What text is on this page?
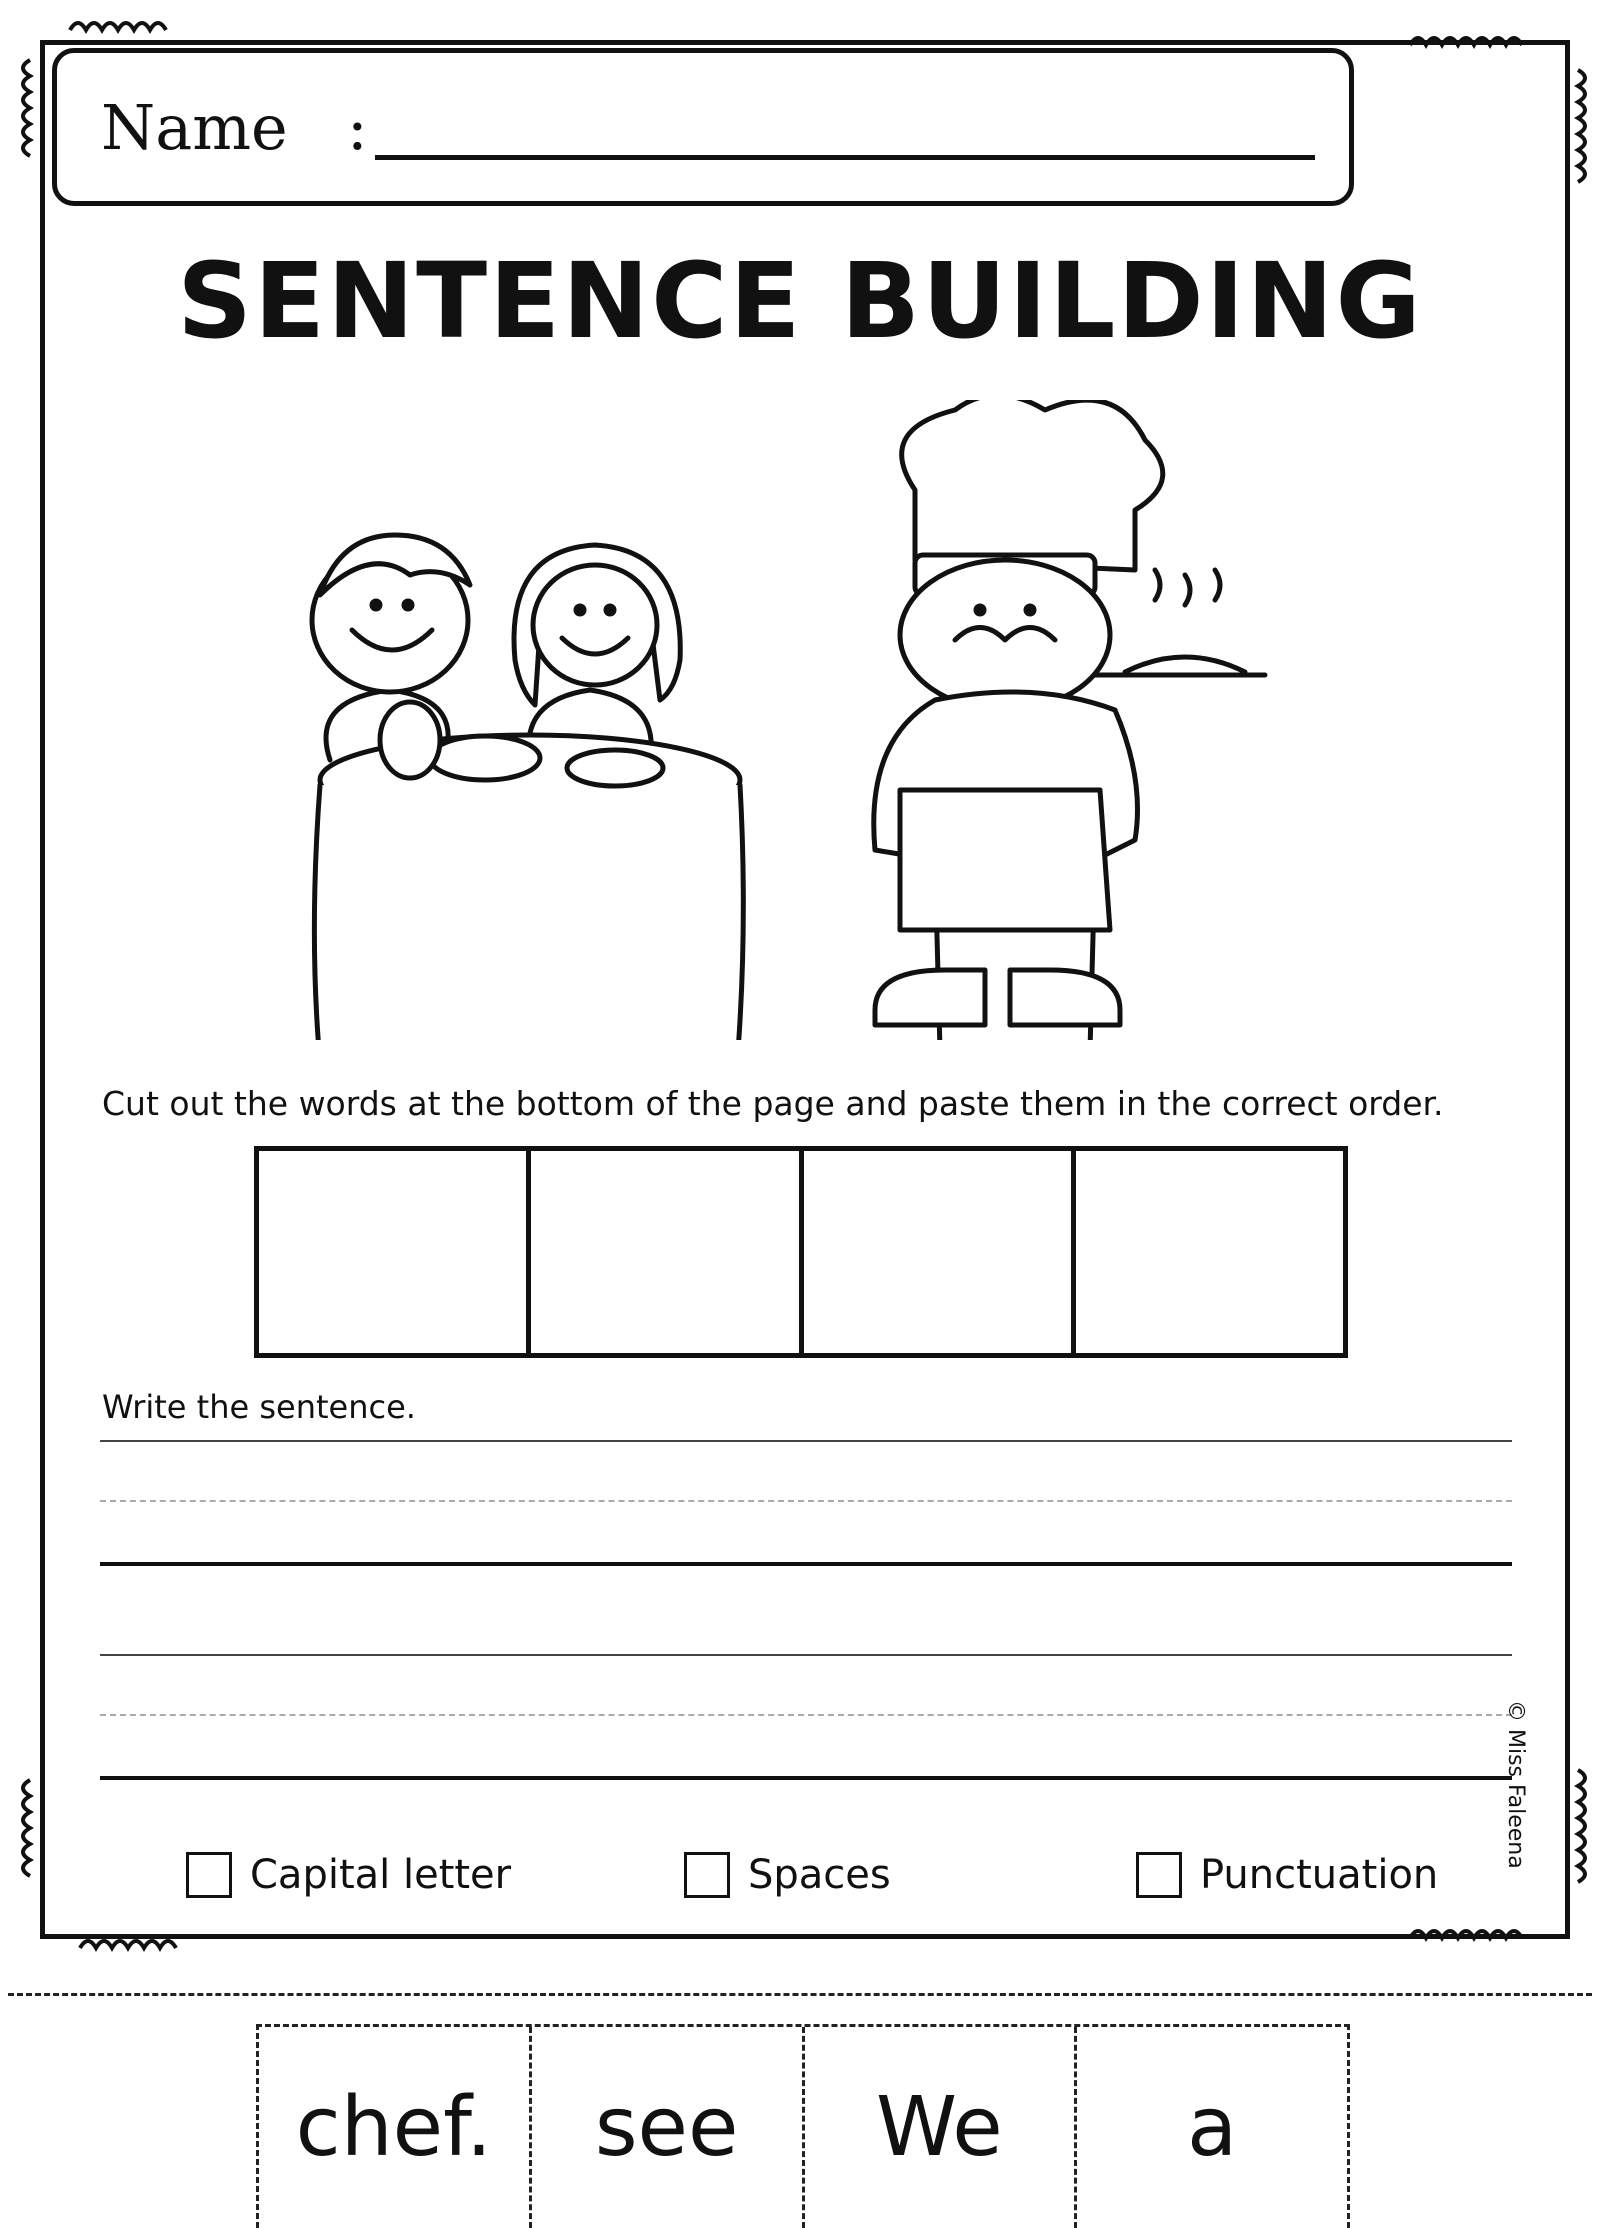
Name :
SENTENCE BUILDING
Cut out the words at the bottom of the page and paste them in the correct order.
Write the sentence.
Capital letter	Spaces	Punctuation
© Miss Faleena
chef.	see	We	a
